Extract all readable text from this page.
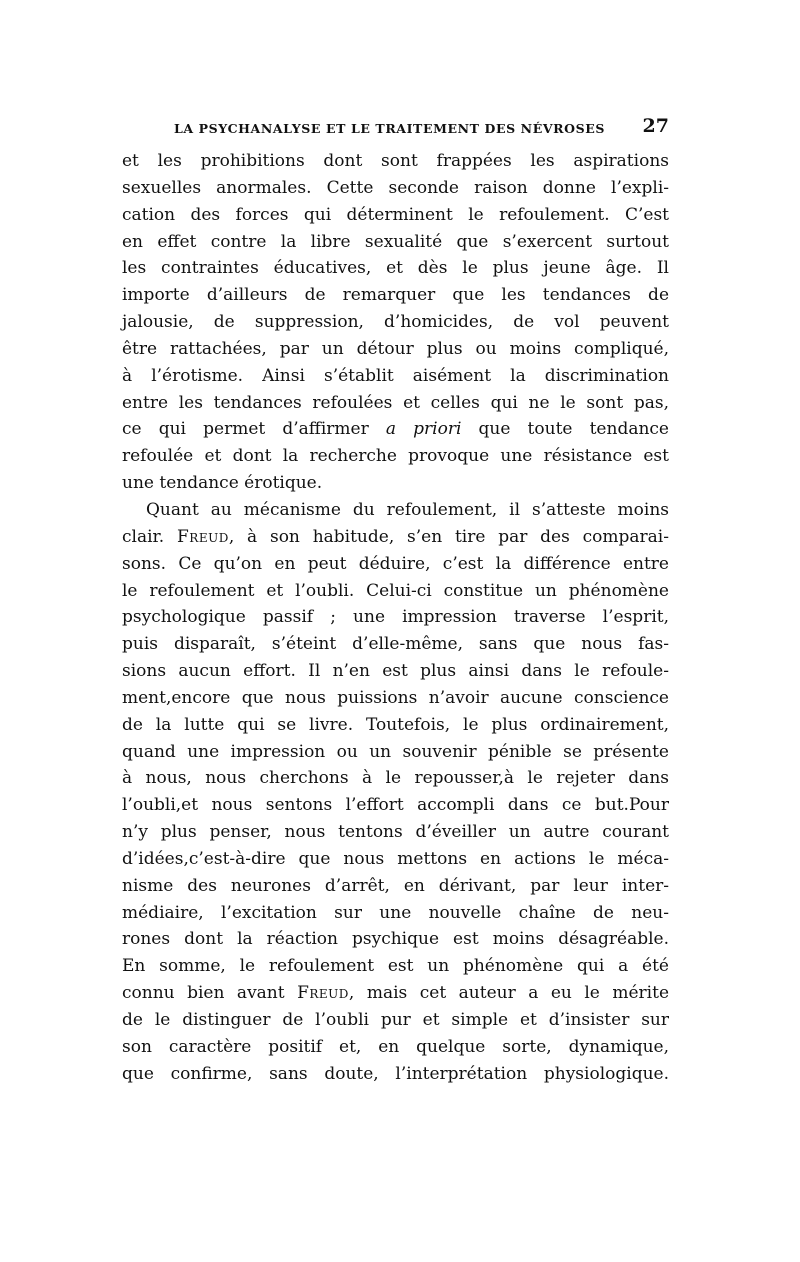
LA PSYCHANALYSE ET LE TRAITEMENT DES NÉVROSES 27
et les prohibitions dont sont frappées les aspirations
sexuelles anormales. Cette seconde raison donne l’expli-
cation des forces qui déterminent le refoulement. C’est
en effet contre la libre sexualité que s’exercent surtout
les contraintes éducatives, et dès le plus jeune âge. Il
importe d’ailleurs de remarquer que les tendances de
jalousie, de suppression, d’homicides, de vol peuvent
être rattachées, par un détour plus ou moins compliqué,
à l’érotisme. Ainsi s’établit aisément la discrimination
entre les tendances refoulées et celles qui ne le sont pas,
ce qui permet d’affirmer a priori que toute tendance
refoulée et dont la recherche provoque une résistance est
une tendance érotique.
Quant au mécanisme du refoulement, il s’atteste moins
clair. Freud, à son habitude, s’en tire par des comparai-
sons. Ce qu’on en peut déduire, c’est la différence entre
le refoulement et l’oubli. Celui-ci constitue un phénomène
psychologique passif ; une impression traverse l’esprit,
puis disparaît, s’éteint d’elle-même, sans que nous fas-
sions aucun effort. Il n’en est plus ainsi dans le refoule-
ment,encore que nous puissions n’avoir aucune conscience
de la lutte qui se livre. Toutefois, le plus ordinairement,
quand une impression ou un souvenir pénible se présente
à nous, nous cherchons à le repousser,à le rejeter dans
l’oubli,et nous sentons l’effort accompli dans ce but.Pour
n’y plus penser, nous tentons d’éveiller un autre courant
d’idées,c’est-à-dire que nous mettons en actions le méca-
nisme des neurones d’arrêt, en dérivant, par leur inter-
médiaire, l’excitation sur une nouvelle chaîne de neu-
rones dont la réaction psychique est moins désagréable.
En somme, le refoulement est un phénomène qui a été
connu bien avant Freud, mais cet auteur a eu le mérite
de le distinguer de l’oubli pur et simple et d’insister sur
son caractère positif et, en quelque sorte, dynamique,
que confirme, sans doute, l’interprétation physiologique.
